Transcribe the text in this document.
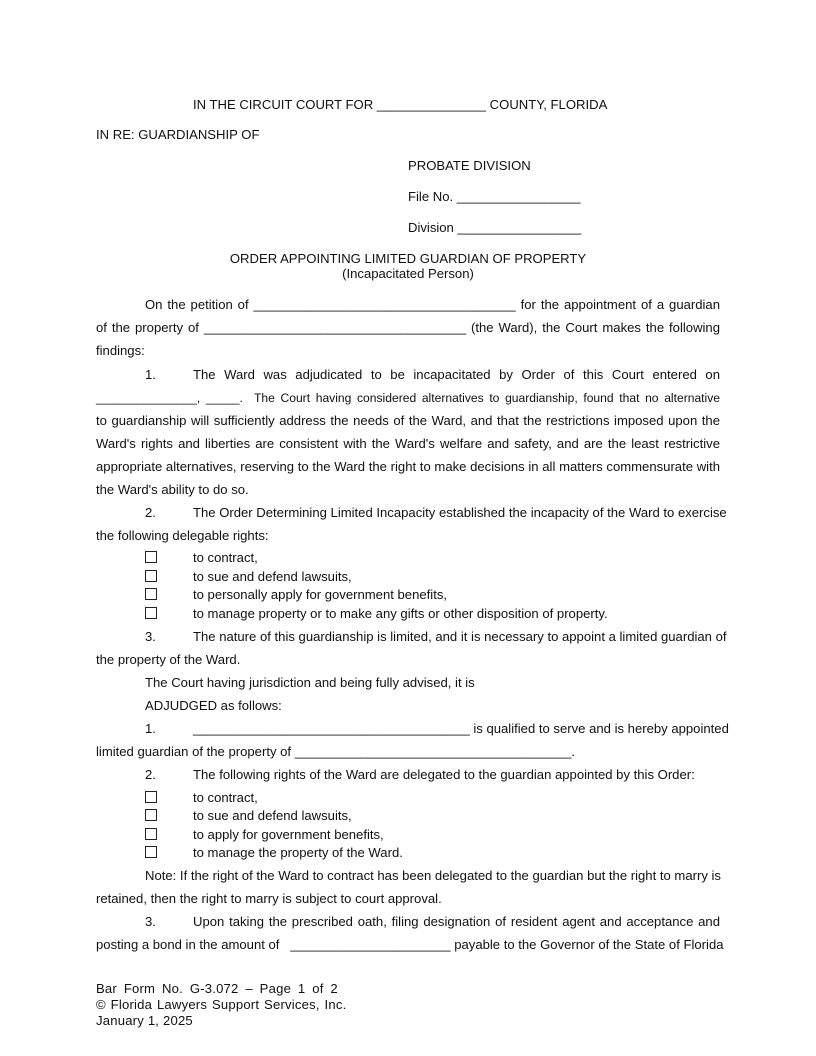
IN THE CIRCUIT COURT FOR _______________ COUNTY, FLORIDA
IN RE: GUARDIANSHIP OF
PROBATE DIVISION
File No. _________________
Division _________________
ORDER APPOINTING LIMITED GUARDIAN OF PROPERTY
(Incapacitated Person)
On the petition of ____________________________________ for the appointment of a guardian
of the property of ____________________________________ (the Ward), the Court makes the following
findings:
1.	The Ward was adjudicated to be incapacitated by Order of this Court entered on
_______________, _____.  The Court having considered alternatives to guardianship, found that no alternative
to guardianship will sufficiently address the needs of the Ward, and that the restrictions imposed upon the
Ward's rights and liberties are consistent with the Ward's welfare and safety, and are the least restrictive
appropriate alternatives, reserving to the Ward the right to make decisions in all matters commensurate with
the Ward's ability to do so.
2.	The Order Determining Limited Incapacity established the incapacity of the Ward to exercise
the following delegable rights:
to contract,
to sue and defend lawsuits,
to personally apply for government benefits,
to manage property or to make any gifts or other disposition of property.
3.	The nature of this guardianship is limited, and it is necessary to appoint a limited guardian of
the property of the Ward.
The Court having jurisdiction and being fully advised, it is
ADJUDGED as follows:
1.	______________________________________ is qualified to serve and is hereby appointed
limited guardian of the property of ______________________________________.
2.	The following rights of the Ward are delegated to the guardian appointed by this Order:
to contract,
to sue and defend lawsuits,
to apply for government benefits,
to manage the property of the Ward.
Note: If the right of the Ward to contract has been delegated to the guardian but the right to marry is
retained, then the right to marry is subject to court approval.
3.	Upon taking the prescribed oath, filing designation of resident agent and acceptance and
posting a bond in the amount of   ______________________ payable to the Governor of the State of Florida
Bar Form No. G-3.072 – Page 1 of 2
© Florida Lawyers Support Services, Inc.
January 1, 2025
